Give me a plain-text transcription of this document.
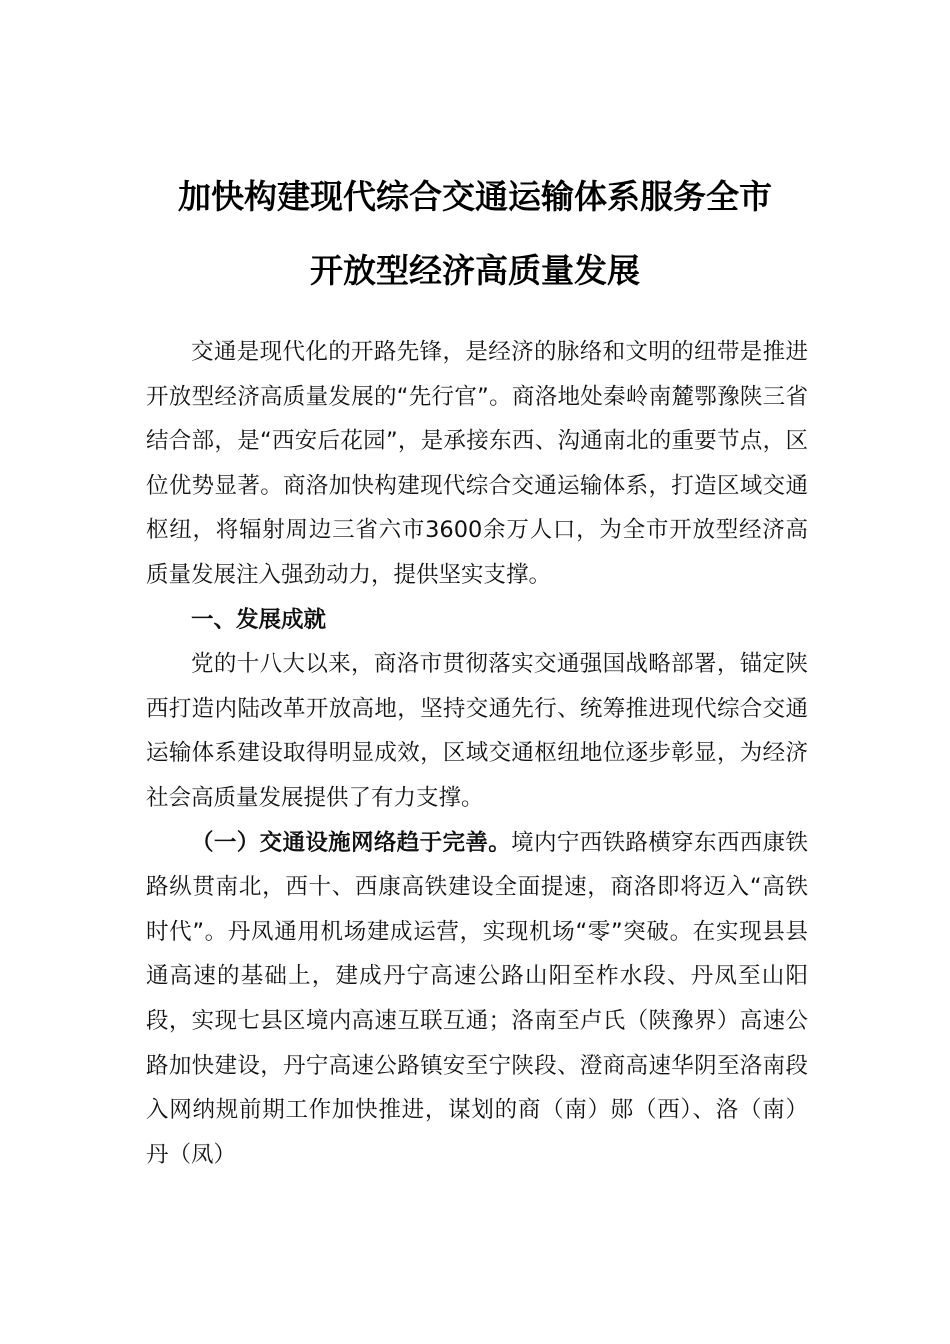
加快构建现代综合交通运输体系服务全市
开放型经济高质量发展

交通是现代化的开路先锋，是经济的脉络和文明的纽带是推进开放型经济高质量发展的“先行官”。商洛地处秦岭南麓鄂豫陕三省结合部，是“西安后花园”，是承接东西、沟通南北的重要节点，区位优势显著。商洛加快构建现代综合交通运输体系，打造区域交通枢纽，将辐射周边三省六市3600余万人口，为全市开放型经济高质量发展注入强劲动力，提供坚实支撑。

一、发展成就

党的十八大以来，商洛市贯彻落实交通强国战略部署，锚定陕西打造内陆改革开放高地，坚持交通先行、统筹推进现代综合交通运输体系建设取得明显成效，区域交通枢纽地位逐步彰显，为经济社会高质量发展提供了有力支撑。

（一）交通设施网络趋于完善。境内宁西铁路横穿东西西康铁路纵贯南北，西十、西康高铁建设全面提速，商洛即将迈入“高铁时代”。丹凤通用机场建成运营，实现机场“零”突破。在实现县县通高速的基础上，建成丹宁高速公路山阳至柞水段、丹凤至山阳段，实现七县区境内高速互联互通；洛南至卢氏（陕豫界）高速公路加快建设，丹宁高速公路镇安至宁陕段、澄商高速华阴至洛南段入网纳规前期工作加快推进，谋划的商（南）郧（西）、洛（南）丹（凤）
